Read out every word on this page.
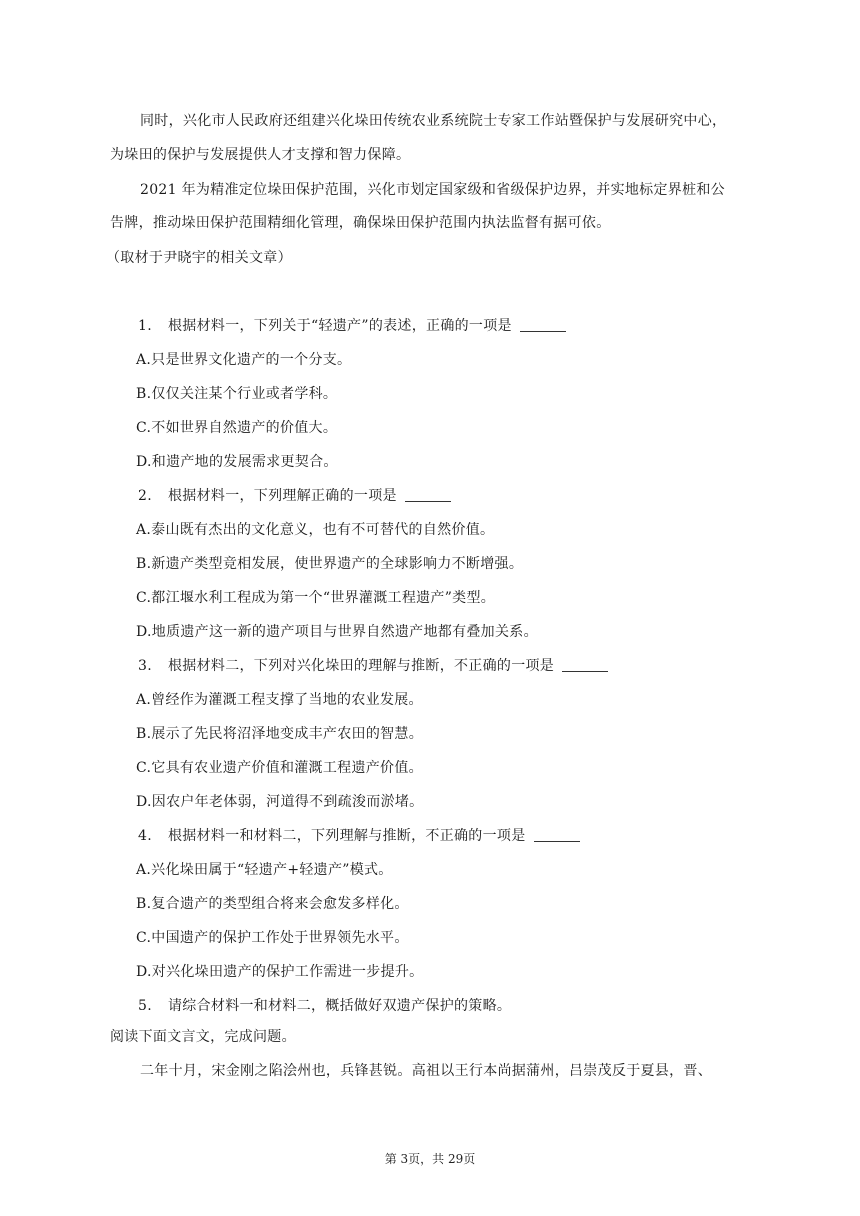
同时，兴化市人民政府还组建兴化垛田传统农业系统院士专家工作站暨保护与发展研究中心，
为垛田的保护与发展提供人才支撑和智力保障。
2021 年为精准定位垛田保护范围，兴化市划定国家级和省级保护边界，并实地标定界桩和公
告牌，推动垛田保护范围精细化管理，确保垛田保护范围内执法监督有据可依。
（取材于尹晓宇的相关文章）
1. 根据材料一，下列关于“轻遗产”的表述，正确的一项是
A.只是世界文化遗产的一个分支。
B.仅仅关注某个行业或者学科。
C.不如世界自然遗产的价值大。
D.和遗产地的发展需求更契合。
2. 根据材料一，下列理解正确的一项是
A.泰山既有杰出的文化意义，也有不可替代的自然价值。
B.新遗产类型竞相发展，使世界遗产的全球影响力不断增强。
C.都江堰水利工程成为第一个“世界灌溉工程遗产”类型。
D.地质遗产这一新的遗产项目与世界自然遗产地都有叠加关系。
3. 根据材料二，下列对兴化垛田的理解与推断，不正确的一项是
A.曾经作为灌溉工程支撑了当地的农业发展。
B.展示了先民将沼泽地变成丰产农田的智慧。
C.它具有农业遗产价值和灌溉工程遗产价值。
D.因农户年老体弱，河道得不到疏浚而淤堵。
4. 根据材料一和材料二，下列理解与推断，不正确的一项是
A.兴化垛田属于“轻遗产+轻遗产”模式。
B.复合遗产的类型组合将来会愈发多样化。
C.中国遗产的保护工作处于世界领先水平。
D.对兴化垛田遗产的保护工作需进一步提升。
5. 请综合材料一和材料二，概括做好双遗产保护的策略。
阅读下面文言文，完成问题。
二年十月，宋金刚之陷浍州也，兵锋甚锐。高祖以王行本尚据蒲州，吕崇茂反于夏县，晋、
第 3页，共 29页
